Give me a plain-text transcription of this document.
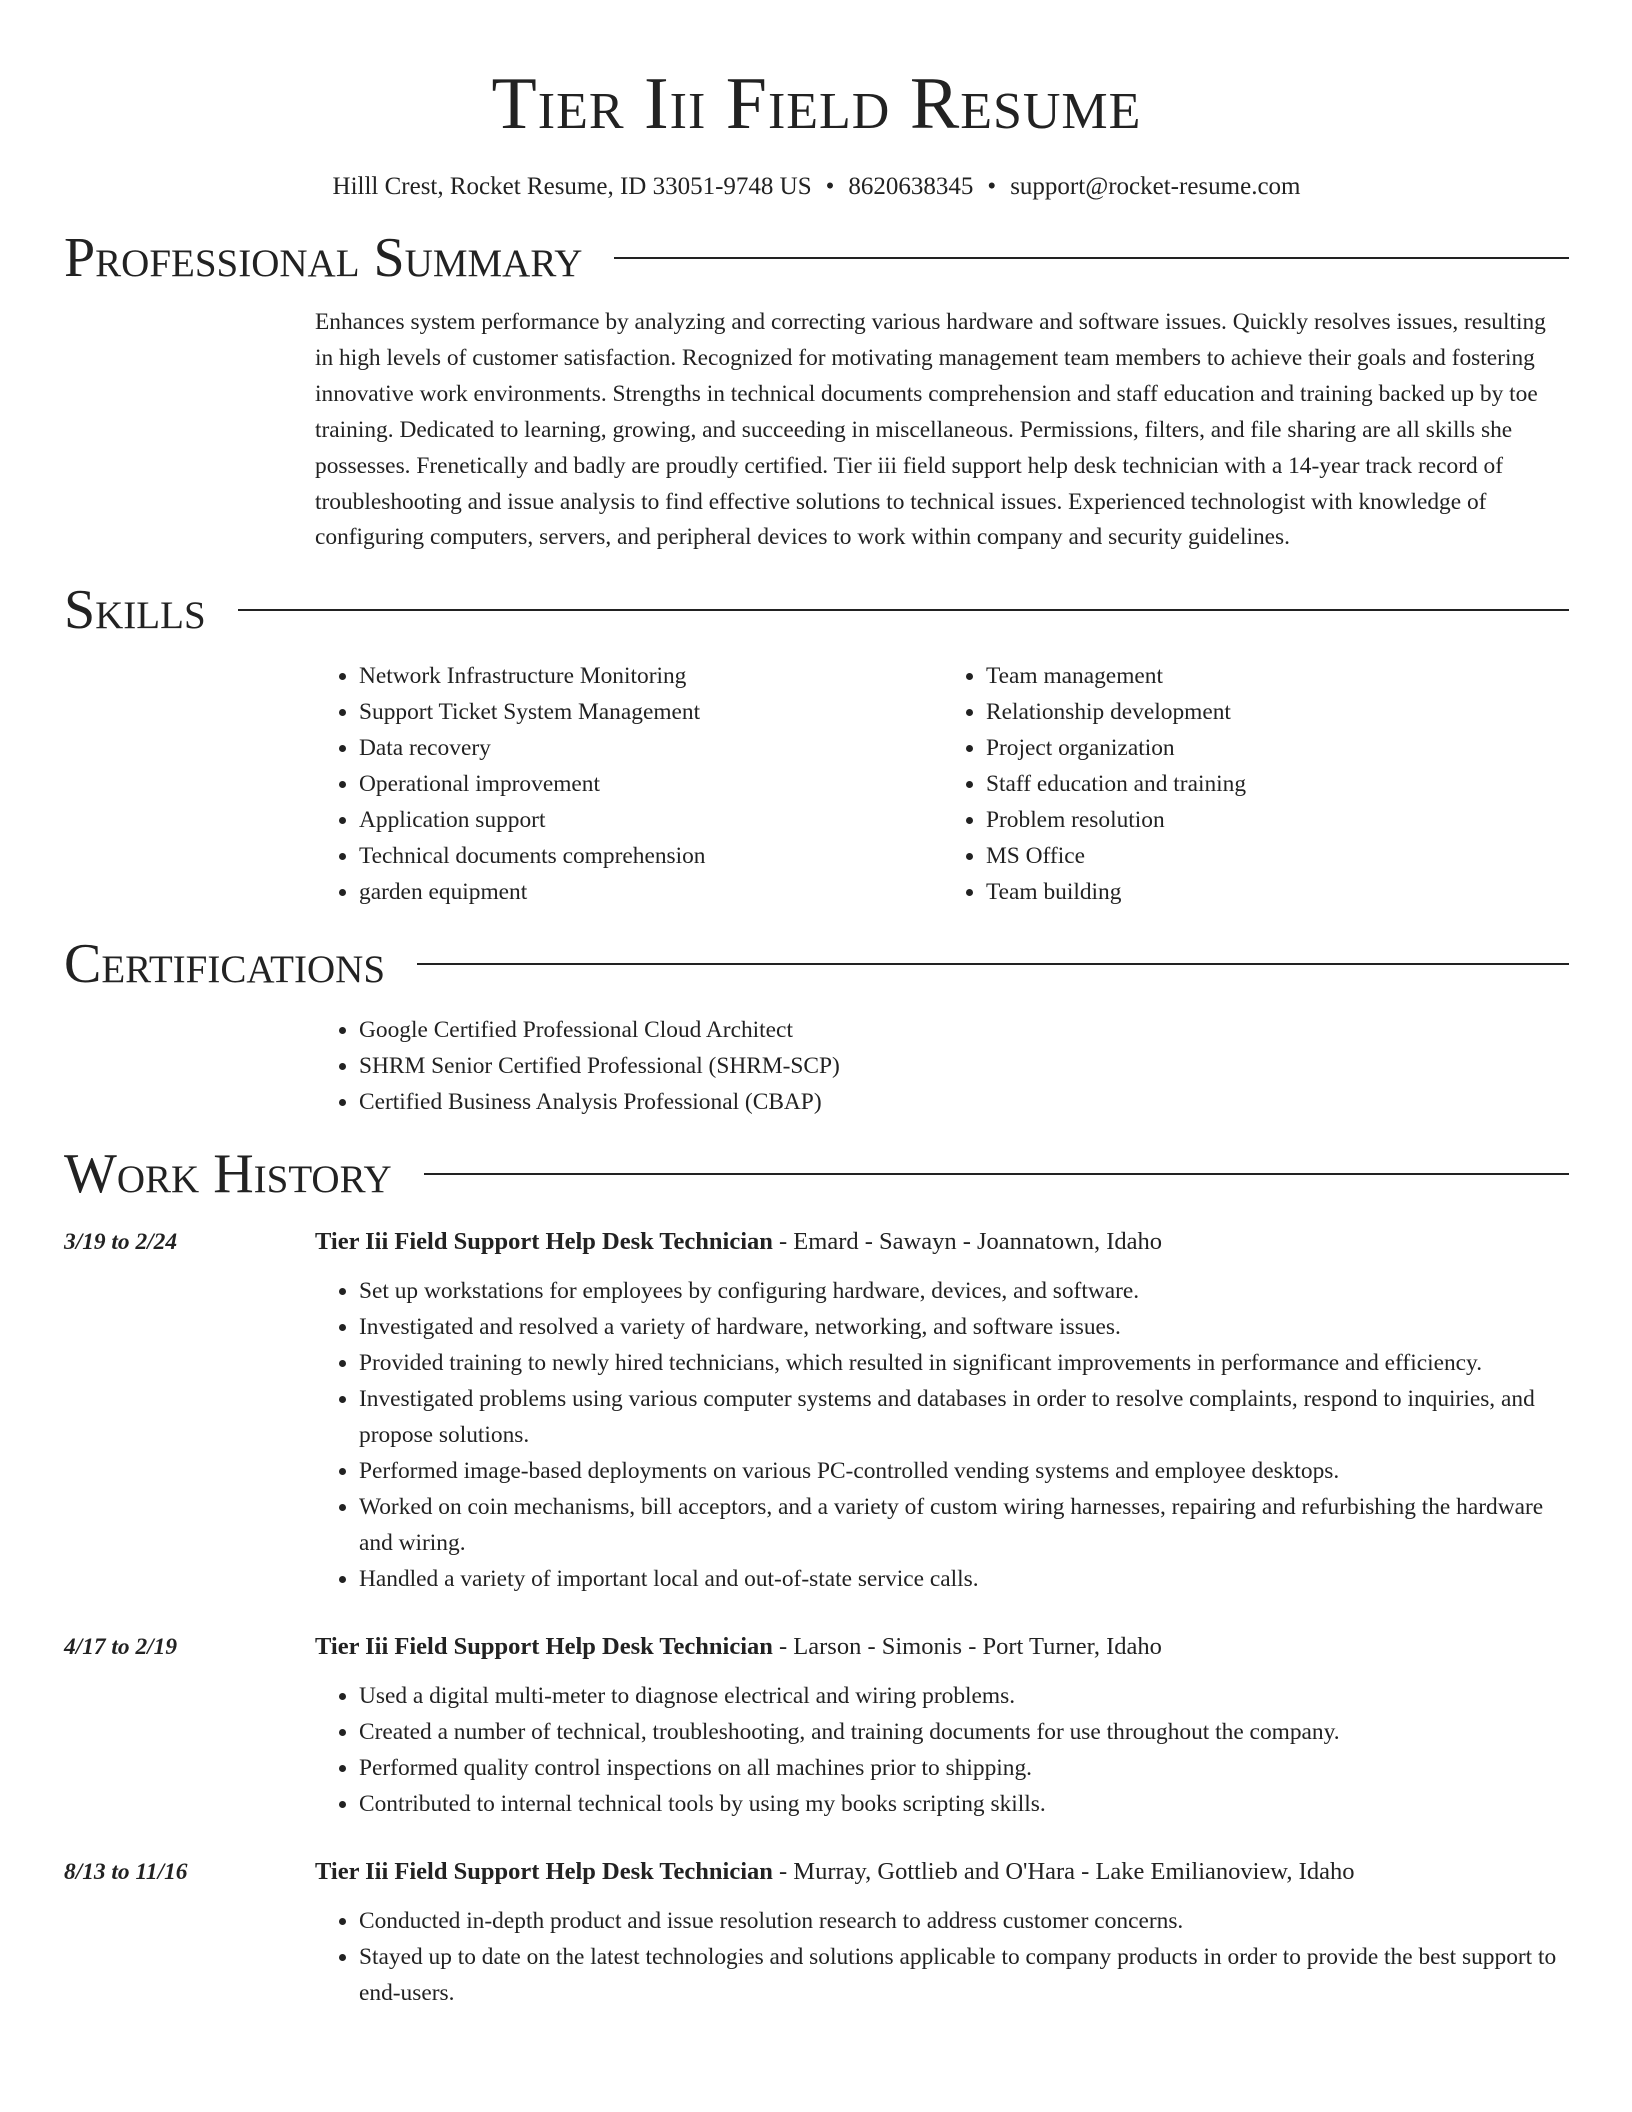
Tier Iii Field Resume
Hilll Crest, Rocket Resume, ID 33051-9748 US • 8620638345 • support@rocket-resume.com
Professional Summary

Enhances system performance by analyzing and correcting various hardware and software issues. Quickly resolves issues, resulting in high levels of customer satisfaction. Recognized for motivating management team members to achieve their goals and fostering innovative work environments. Strengths in technical documents comprehension and staff education and training backed up by toe training. Dedicated to learning, growing, and succeeding in miscellaneous. Permissions, filters, and file sharing are all skills she possesses. Frenetically and badly are proudly certified. Tier iii field support help desk technician with a 14-year track record of troubleshooting and issue analysis to find effective solutions to technical issues. Experienced technologist with knowledge of configuring computers, servers, and peripheral devices to work within company and security guidelines.

Skills
• Network Infrastructure Monitoring
• Support Ticket System Management
• Data recovery
• Operational improvement
• Application support
• Technical documents comprehension
• garden equipment
• Team management
• Relationship development
• Project organization
• Staff education and training
• Problem resolution
• MS Office
• Team building
Certifications
• Google Certified Professional Cloud Architect
• SHRM Senior Certified Professional (SHRM-SCP)
• Certified Business Analysis Professional (CBAP)
Work History
3/19 to 2/24	Tier Iii Field Support Help Desk Technician - Emard - Sawayn - Joannatown, Idaho
• Set up workstations for employees by configuring hardware, devices, and software.
• Investigated and resolved a variety of hardware, networking, and software issues.
• Provided training to newly hired technicians, which resulted in significant improvements in performance and efficiency.
• Investigated problems using various computer systems and databases in order to resolve complaints, respond to inquiries, and propose solutions.
• Performed image-based deployments on various PC-controlled vending systems and employee desktops.
• Worked on coin mechanisms, bill acceptors, and a variety of custom wiring harnesses, repairing and refurbishing the hardware and wiring.
• Handled a variety of important local and out-of-state service calls.
4/17 to 2/19	Tier Iii Field Support Help Desk Technician - Larson - Simonis - Port Turner, Idaho
• Used a digital multi-meter to diagnose electrical and wiring problems.
• Created a number of technical, troubleshooting, and training documents for use throughout the company.
• Performed quality control inspections on all machines prior to shipping.
• Contributed to internal technical tools by using my books scripting skills.
8/13 to 11/16	Tier Iii Field Support Help Desk Technician - Murray, Gottlieb and O'Hara - Lake Emilianoview, Idaho
• Conducted in-depth product and issue resolution research to address customer concerns.
• Stayed up to date on the latest technologies and solutions applicable to company products in order to provide the best support to end-users.
